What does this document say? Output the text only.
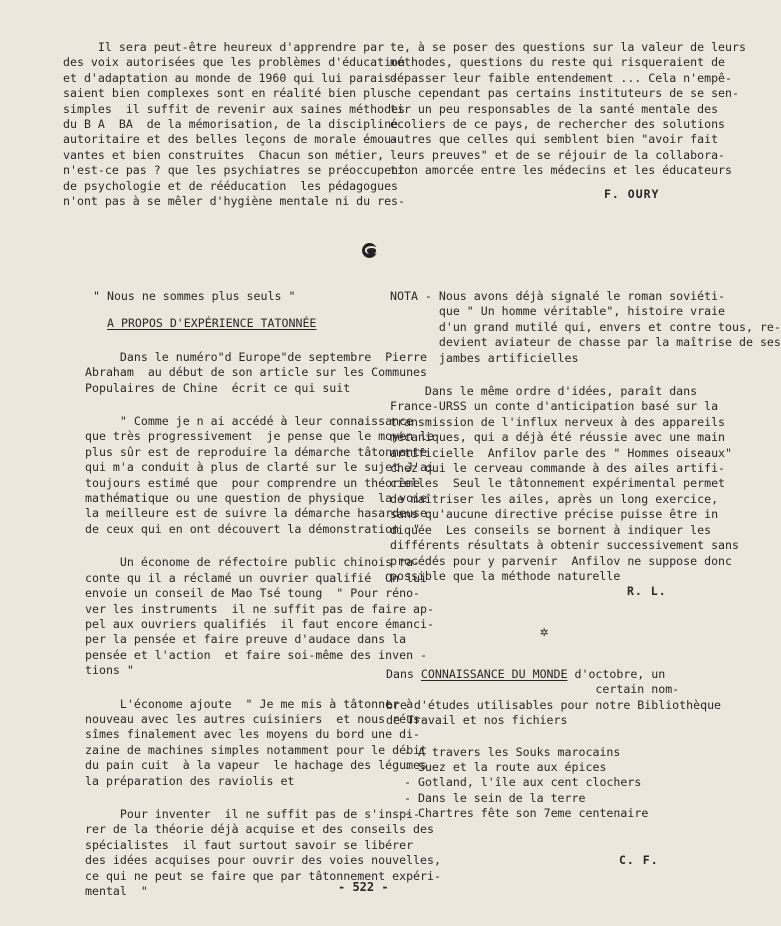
Il sera peut-être heureux d'apprendre par

des voix autorisées que les problèmes d'éducation

et d'adaptation au monde de 1960 qui lui parais-

saient bien complexes sont en réalité bien plus

simples  il suffit de revenir aux saines méthodes

du B A  BA  de la mémorisation, de la discipline

autoritaire et des belles leçons de morale émou-

vantes et bien construites  Chacun son métier,

n'est-ce pas ? que les psychiatres se préoccupent

de psychologie et de rééducation  les pédagogues

n'ont pas à se mêler d'hygiène mentale ni du res-

te, à se poser des questions sur la valeur de leurs

méthodes, questions du reste qui risqueraient de

dépasser leur faible entendement ... Cela n'empê-

che cependant pas certains instituteurs de se sen-

tir un peu responsables de la santé mentale des

écoliers de ce pays, de rechercher des solutions

autres que celles qui semblent bien "avoir fait

leurs preuves" et de se réjouir de la collabora-

tion amorcée entre les médecins et les éducateurs

F. OURY

" Nous ne sommes plus seuls "

A PROPOS D'EXPÉRIENCE TATONNÉE

Dans le numéro"d Europe"de septembre  Pierre

Abraham  au début de son article sur les Communes

Populaires de Chine  écrit ce qui suit

" Comme je n ai accédé à leur connaissance

que très progressivement  je pense que le moyen le

plus sûr est de reproduire la démarche tâtonnante

qui m'a conduit à plus de clarté sur le sujet J'ai

toujours estimé que  pour comprendre un théorème

mathématique ou une question de physique  la voie

la meilleure est de suivre la démarche hasardeuse

de ceux qui en ont découvert la démonstration  "

Un économe de réfectoire public chinois ra-

conte qu il a réclamé un ouvrier qualifié  On lui

envoie un conseil de Mao Tsé toung  " Pour réno-

ver les instruments  il ne suffit pas de faire ap-

pel aux ouvriers qualifiés  il faut encore émanci-

per la pensée et faire preuve d'audace dans la

pensée et l'action  et faire soi-même des inven -

tions "

L'économe ajoute  " Je me mis à tâtonner à

nouveau avec les autres cuisiniers  et nous réus-

sîmes finalement avec les moyens du bord une di-

zaine de machines simples notamment pour le débit

du pain cuit  à la vapeur  le hachage des légumes

la préparation des raviolis et

Pour inventer  il ne suffit pas de s'inspi-

rer de la théorie déjà acquise et des conseils des

spécialistes  il faut surtout savoir se libérer

des idées acquises pour ouvrir des voies nouvelles,

ce qui ne peut se faire que par tâtonnement expéri-

mental  "

NOTA - Nous avons déjà signalé le roman soviéti-

que " Un homme véritable", histoire vraie

d'un grand mutilé qui, envers et contre tous, re-

devient aviateur de chasse par la maîtrise de ses

jambes artificielles

Dans le même ordre d'idées, paraît dans

France-URSS un conte d'anticipation basé sur la

transmission de l'influx nerveux à des appareils

mécaniques, qui a déjà été réussie avec une main

artificielle  Anfilov parle des " Hommes oiseaux"

chez qui le cerveau commande à des ailes artifi-

cielles  Seul le tâtonnement expérimental permet

de maîtriser les ailes, après un long exercice,

sans qu'aucune directive précise puisse être in

diquée  Les conseils se bornent à indiquer les

différents résultats à obtenir successivement sans

procédés pour y parvenir  Anfilov ne suppose donc

possible que la méthode naturelle

R. L.
✲

Dans CONNAISSANCE DU MONDE d'octobre, un

certain nom-

bre d'études utilisables pour notre Bibliothèque

de Travail et nos fichiers

- A travers les Souks marocains
- Suez et la route aux épices
- Gotland, l'île aux cent clochers
- Dans le sein de la terre
- Chartres fête son 7eme centenaire
C. F.
- 522 -
